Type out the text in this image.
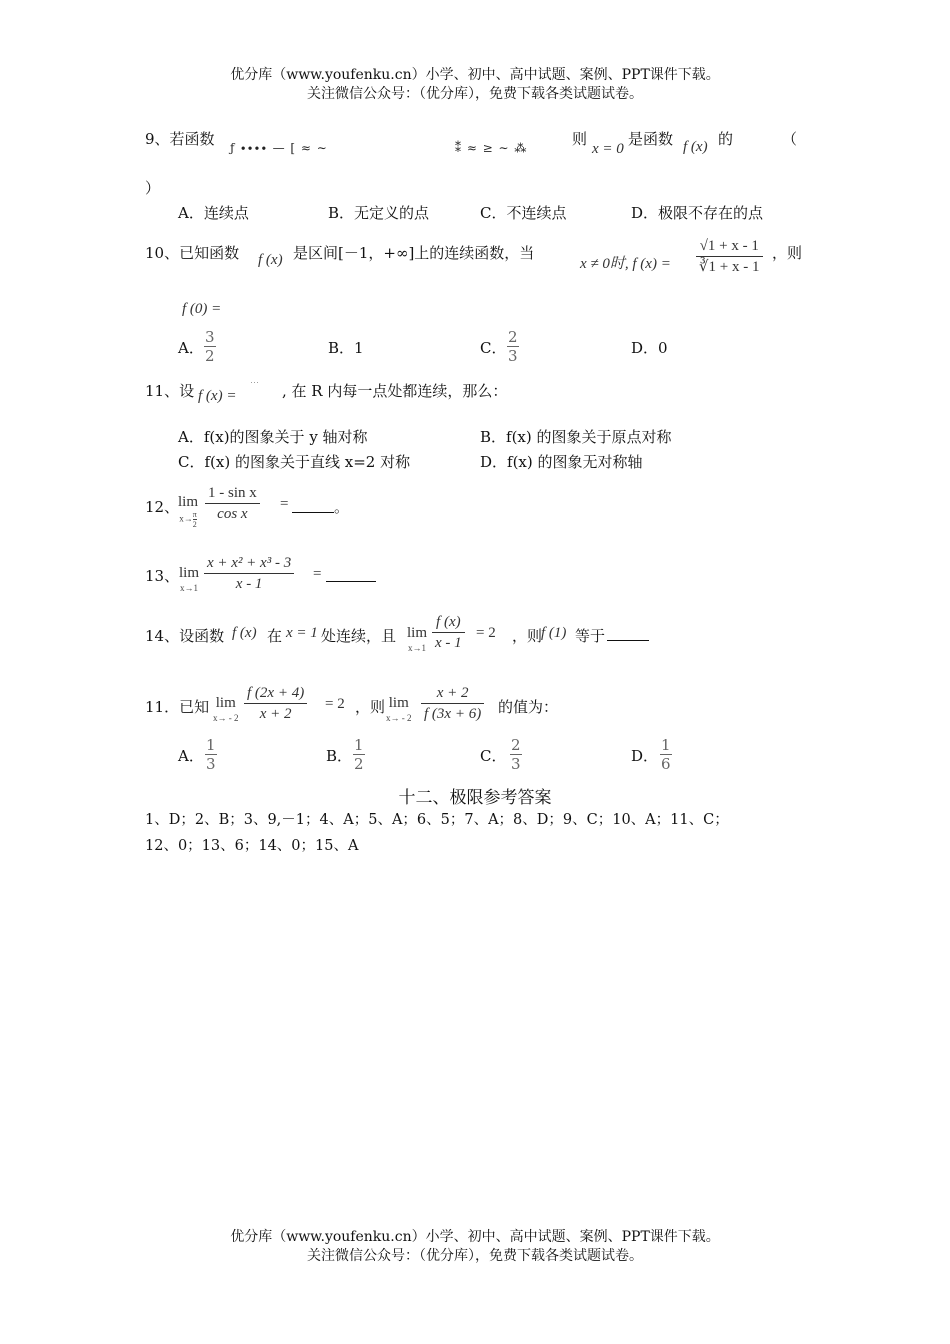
优分库（www.youfenku.cn）小学、初中、高中试题、案例、PPT课件下载。
关注微信公众号：（优分库），免费下载各类试题试卷。
9、若函数 ƒ ∙∙∙∙ — [ ≈ ∼	⁑ ≈ ≥ ∼ ⁂	则
x = 0
是函数 f (x) 的	（
）
A．连续点	B．无定义的点	C．不连续点	D．极限不存在的点
10、已知函数 f (x) 是区间[－1，+∞]上的连续函数，当
x ≠ 0时, f $(x) = \frac{√1 + x - 1}{∛1 + x - 1}$ ，则
f (0) =
A． $\frac{3}{2}$	B．1	C． $\frac{2}{3}$	D．0
11、设 f (x) =
⋯ , 在 R 内每一点处都连续，那么：
A．f(x)的图象关于 y 轴对称	B．f(x) 的图象关于原点对称
C．f(x) 的图象关于直线 x=2 对称	D．f(x) 的图象无对称轴
12、
lim
$x\to \frac{\pi}{2} \frac{\text{1 - sin x}}{\text{cos x}}$ =	。
13、 lim
$x\to 1 \frac{\text{x + x² + x³ - 3}}{x - 1}$ =
14、设函数 f (x) 在 x = 1 处连续，且 lim
$x\to 1 \frac{f (x)}{x - 1} = 2$ ，则
f (1) 等于
11．已知 lim
$x\to - 2 \frac{f (2x + 4)}{x + 2} = 2$ ，则 lim
$x\to - 2 \frac{x + 2}{f (3x + 6)}$ 的值为：
A． $\frac{1}{3}$	B． $\frac{1}{2}$	C． $\frac{2}{3}$	D． $\frac{1}{6}$
十二、极限参考答案
1、D；2、B；3、9,－1；4、A；5、A；6、5；7、A；8、D；9、C；10、A；11、C；
12、0；13、6；14、0；15、A
优分库（www.youfenku.cn）小学、初中、高中试题、案例、PPT课件下载。
关注微信公众号：（优分库），免费下载各类试题试卷。
